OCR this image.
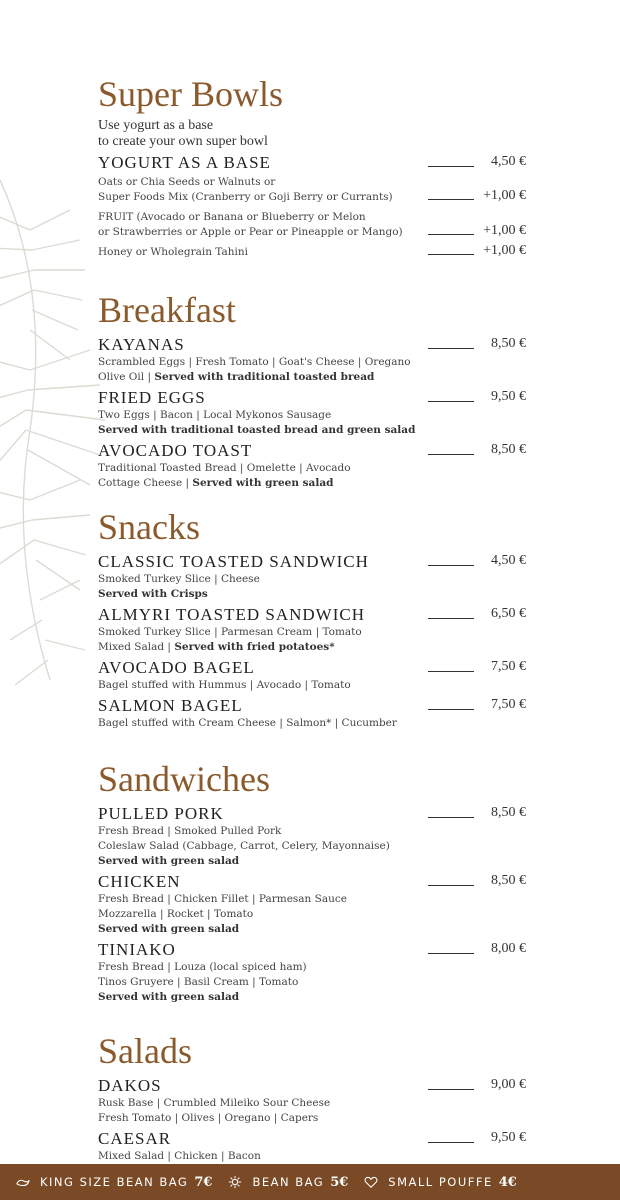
Super Bowls
Use yogurt as a base
to create your own super bowl
YOGURT AS A BASE	4,50 €
Oats or Chia Seeds or Walnuts or
Super Foods Mix (Cranberry or Goji Berry or Currants)	+1,00 €
FRUIT (Avocado or Banana or Blueberry or Melon
or Strawberries or Apple or Pear or Pineapple or Mango)	+1,00 €
Honey or Wholegrain Tahini	+1,00 €
Breakfast
KAYANAS	8,50 €
Scrambled Eggs | Fresh Tomato | Goat's Cheese | Oregano
Olive Oil | Served with traditional toasted bread
FRIED EGGS	9,50 €
Two Eggs | Bacon | Local Mykonos Sausage
Served with traditional toasted bread and green salad
AVOCADO TOAST	8,50 €
Traditional Toasted Bread | Omelette | Avocado
Cottage Cheese | Served with green salad
Snacks
CLASSIC TOASTED SANDWICH	4,50 €
Smoked Turkey Slice | Cheese
Served with Crisps
ALMYRI TOASTED SANDWICH	6,50 €
Smoked Turkey Slice | Parmesan Cream | Tomato
Mixed Salad | Served with fried potatoes*
AVOCADO BAGEL	7,50 €
Bagel stuffed with Hummus | Avocado | Tomato
SALMON BAGEL	7,50 €
Bagel stuffed with Cream Cheese | Salmon* | Cucumber
Sandwiches
PULLED PORK	8,50 €
Fresh Bread | Smoked Pulled Pork
Coleslaw Salad (Cabbage, Carrot, Celery, Mayonnaise)
Served with green salad
CHICKEN	8,50 €
Fresh Bread | Chicken Fillet | Parmesan Sauce
Mozzarella | Rocket | Tomato
Served with green salad
TINIAKO	8,00 €
Fresh Bread | Louza (local spiced ham)
Tinos Gruyere | Basil Cream | Tomato
Served with green salad
Salads
DAKOS	9,00 €
Rusk Base | Crumbled Mileiko Sour Cheese
Fresh Tomato | Olives | Oregano | Capers
CAESAR	9,50 €
Mixed Salad | Chicken | Bacon
KING SIZE BEAN BAG 7€	BEAN BAG 5€	SMALL POUFFE 4€
